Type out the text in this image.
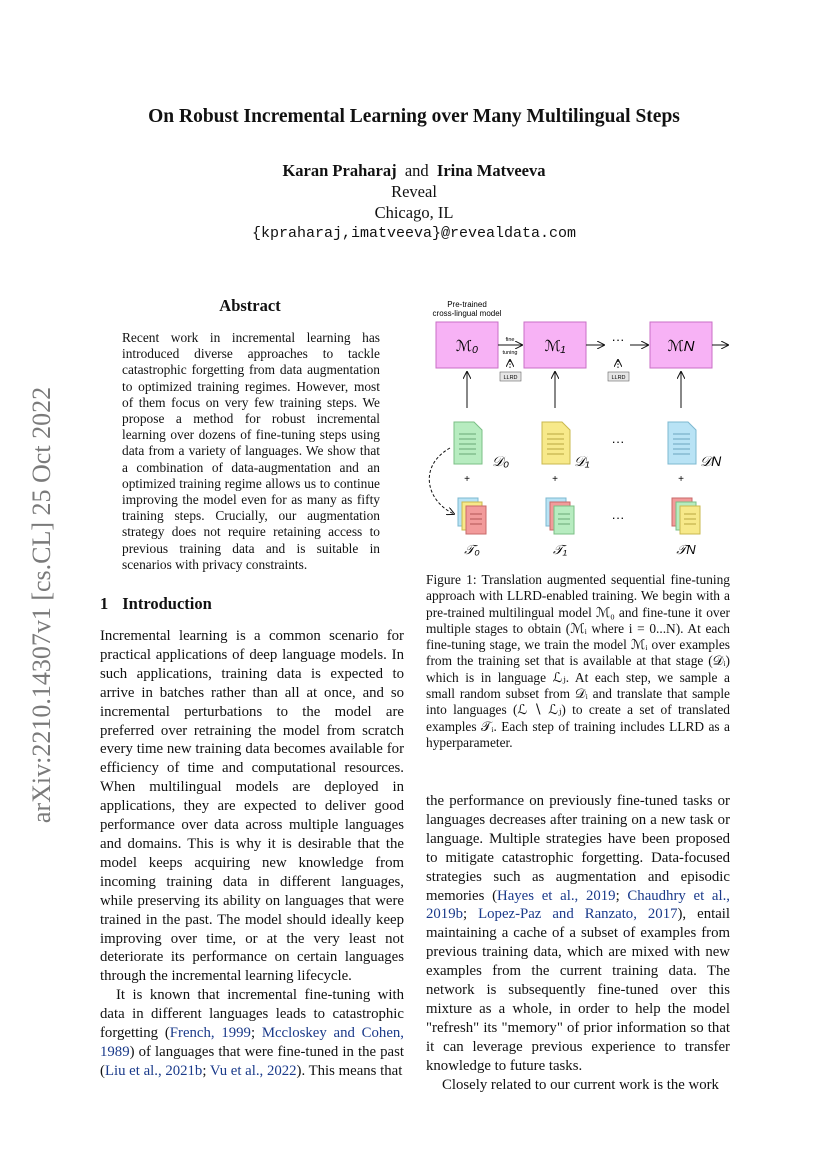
arXiv:2210.14307v1 [cs.CL] 25 Oct 2022
On Robust Incremental Learning over Many Multilingual Steps
Karan Praharaj and Irina Matveeva
Reveal
Chicago, IL
{kpraharaj,imatveeva}@revealdata.com
Abstract
Recent work in incremental learning has introduced diverse approaches to tackle catastrophic forgetting from data augmentation to optimized training regimes. However, most of them focus on very few training steps. We propose a method for robust incremental learning over dozens of fine-tuning steps using data from a variety of languages. We show that a combination of data-augmentation and an optimized training regime allows us to continue improving the model even for as many as fifty training steps. Crucially, our augmentation strategy does not require retaining access to previous training data and is suitable in scenarios with privacy constraints.
1 Introduction

Incremental learning is a common scenario for practical applications of deep language models. In such applications, training data is expected to arrive in batches rather than all at once, and so incremental perturbations to the model are preferred over retraining the model from scratch every time new training data becomes available for efficiency of time and computational resources. When multilingual models are deployed in applications, they are expected to deliver good performance over data across multiple languages and domains. This is why it is desirable that the model keeps acquiring new knowledge from incoming training data in different languages, while preserving its ability on languages that were trained in the past. The model should ideally keep improving over time, or at the very least not deteriorate its performance on certain languages through the incremental learning lifecycle.

It is known that incremental fine-tuning with data in different languages leads to catastrophic forgetting (French, 1999; Mccloskey and Cohen, 1989) of languages that were fine-tuned in the past (Liu et al., 2021b; Vu et al., 2022). This means that

the performance on previously fine-tuned tasks or languages decreases after training on a new task or language. Multiple strategies have been proposed to mitigate catastrophic forgetting. Data-focused strategies such as augmentation and episodic memories (Hayes et al., 2019; Chaudhry et al., 2019b; Lopez-Paz and Ranzato, 2017), entail maintaining a cache of a subset of examples from previous training data, which are mixed with new examples from the current training data. The network is subsequently fine-tuned over this mixture as a whole, in order to help the model "refresh" its "memory" of prior information so that it can leverage previous experience to transfer knowledge to future tasks.

Closely related to our current work is the work

Pre-trained
cross-lingual model
ℳ₀	ℳ₁	ℳN
fine
tuning
LLRD
···
LLRD
𝒟₀	𝒟₁
···
𝒟N
+	+	+
𝒯₀	𝒯₁
···
𝒯N
Figure 1: Translation augmented sequential fine-tuning approach with LLRD-enabled training. We begin with a pre-trained multilingual model ℳ₀ and fine-tune it over multiple stages to obtain (ℳᵢ where i = 0...N). At each fine-tuning stage, we train the model ℳᵢ over examples from the training set that is available at that stage (𝒟ᵢ) which is in language ℒⱼ. At each step, we sample a small random subset from 𝒟ᵢ and translate that sample into languages (ℒ ∖ ℒⱼ) to create a set of translated examples 𝒯ᵢ. Each step of training includes LLRD as a hyperparameter.
